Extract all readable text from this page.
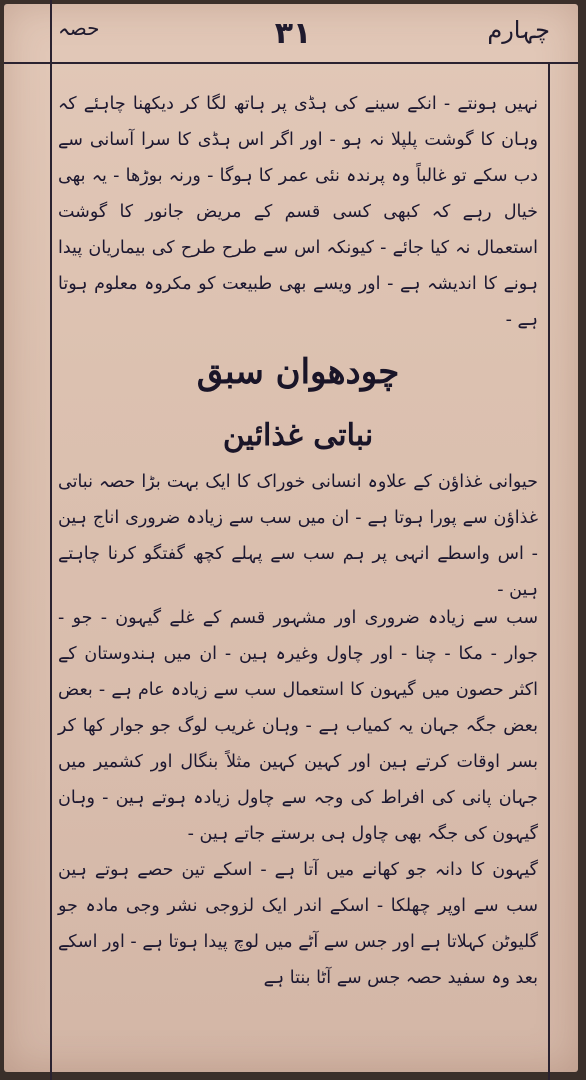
۳۱	چہارم
حصہ
نہیں ہونتے - انکے سینے کی ہڈی پر ہاتھ لگا کر دیکھنا چاہئے کہ وہان کا گوشت پلپلا نہ ہو - اور اگر اس ہڈی کا سرا آسانی سے دب سکے تو غالباً وہ پرندہ نئی عمر کا ہوگا - ورنہ بوڑھا - یہ بھی خیال رہے کہ کبھی کسی قسم کے مریض جانور کا گوشت استعمال نہ کیا جائے - کیونکہ اس سے طرح طرح کی بیماریان پیدا ہونے کا اندیشہ ہے - اور ویسے بھی طبیعت کو مکروہ معلوم ہوتا ہے -
چودھوان سبق
نباتی غذائین
حیوانی غذاؤن کے علاوہ انسانی خوراک کا ایک بہت بڑا حصہ نباتی غذاؤن سے پورا ہوتا ہے - ان میں سب سے زیادہ ضروری اناج ہین - اس واسطے انہی پر ہم سب سے پہلے کچھ گفتگو کرنا چاہتے ہین -
سب سے زیادہ ضروری اور مشہور قسم کے غلے گیہون - جو - جوار - مکا - چنا - اور چاول وغیرہ ہین - ان میں ہندوستان کے اکثر حصون میں گیہون کا استعمال سب سے زیادہ عام ہے - بعض بعض جگہ جہان یہ کمیاب ہے - وہان غریب لوگ جو جوار کھا کر بسر اوقات کرتے ہین اور کہین کہین مثلاً بنگال اور کشمیر میں جہان پانی کی افراط کی وجہ سے چاول زیادہ ہوتے ہین - وہان گیہون کی جگہ بھی چاول ہی برستے جاتے ہین -
گیہون کا دانہ جو کھانے میں آتا ہے - اسکے تین حصے ہوتے ہین سب سے اوپر چھلکا - اسکے اندر ایک لزوجی نشر وجی مادہ جو گلیوٹن کہلاتا ہے اور جس سے آٹے میں لوچ پیدا ہوتا ہے - اور اسکے بعد وہ سفید حصہ جس سے آٹا بنتا ہے
